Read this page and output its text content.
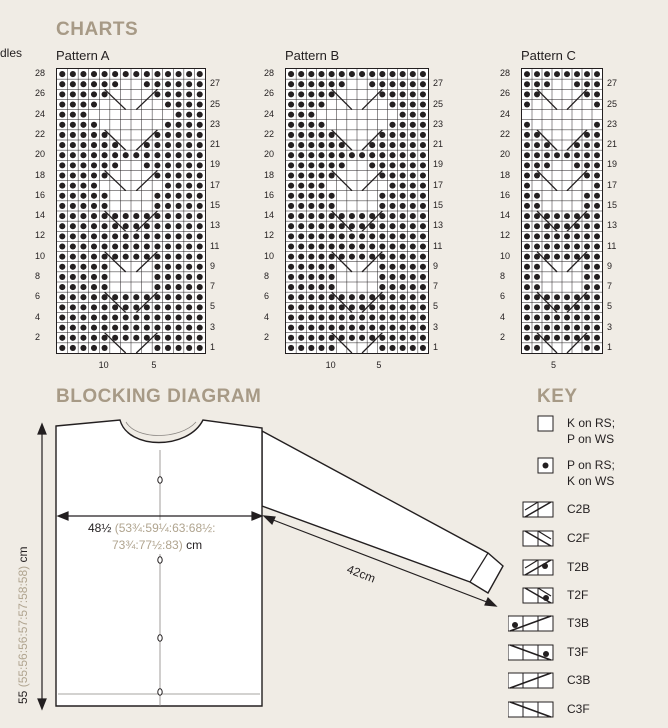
dles
CHARTS
Pattern A
28
26
24
22
20
18
16
14
12
10
8
6
4
2
27
25
23
21
19
17
15
13
11
9
7
5
3
1
10	5
Pattern B
28
26
24
22
20
18
16
14
12
10
8
6
4
2
27
25
23
21
19
17
15
13
11
9
7
5
3
1
10	5
Pattern C
28
26
24
22
20
18
16
14
12
10
8
6
4
2
27
25
23
21
19
17
15
13
11
9
7
5
3
1
5
BLOCKING DIAGRAM
48½ (53¾:59¼:63:68½:
73¾:77½:83) cm
55 (55:56:56:57:57:58:58) cm
42cm
KEY
K on RS;
P on WS
P on RS;
K on WS
C2B
C2F
T2B
T2F
T3B
T3F
C3B
C3F
